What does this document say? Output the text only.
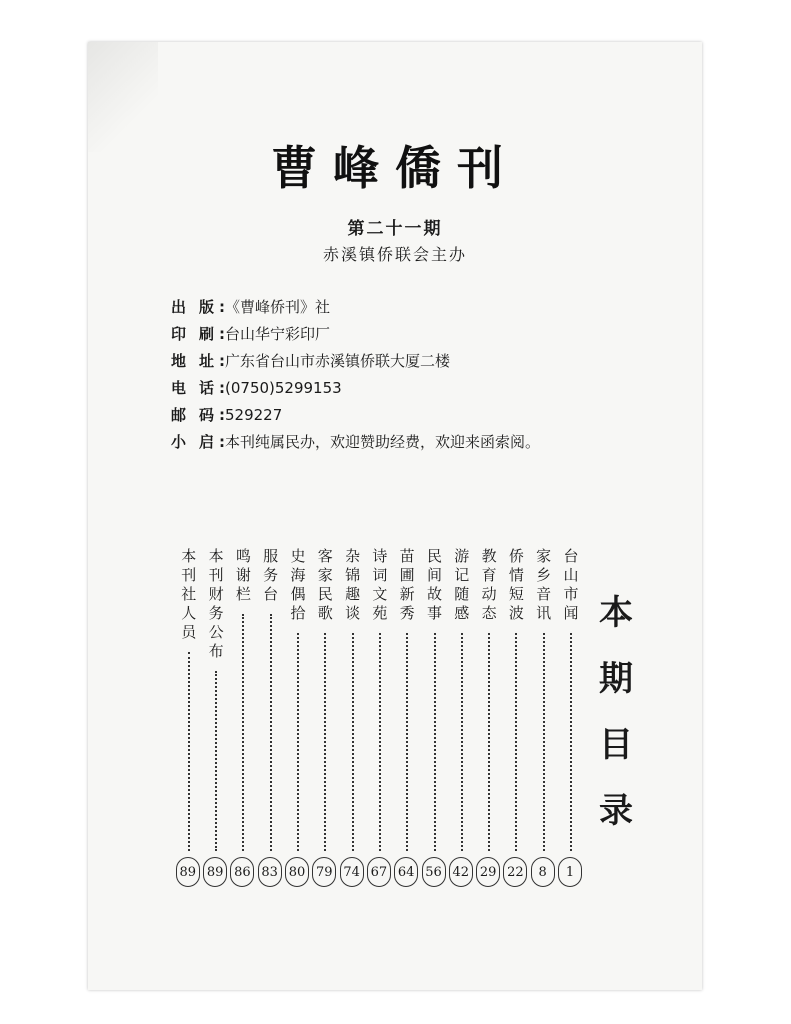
曹峰僑刊
第二十一期
赤溪镇侨联会主办
出 版 :《曹峰侨刊》社
印 刷 :台山华宁彩印厂
地 址 :广东省台山市赤溪镇侨联大厦二楼
电 话 :(0750)5299153
邮 码 :529227
小 启 :本刊纯属民办，欢迎赞助经费，欢迎来函索阅。
本
期
目
录
台
山
市
闻
1
家
乡
音
讯
8
侨
情
短
波
22
教
育
动
态
29
游
记
随
感
42
民
间
故
事
56
苗
圃
新
秀
64
诗
词
文
苑
67
杂
锦
趣
谈
74
客
家
民
歌
79
史
海
偶
拾
80
服
务
台
83
鸣
谢
栏
86
本
刊
财
务
公
布
89
本
刊
社
人
员
89
